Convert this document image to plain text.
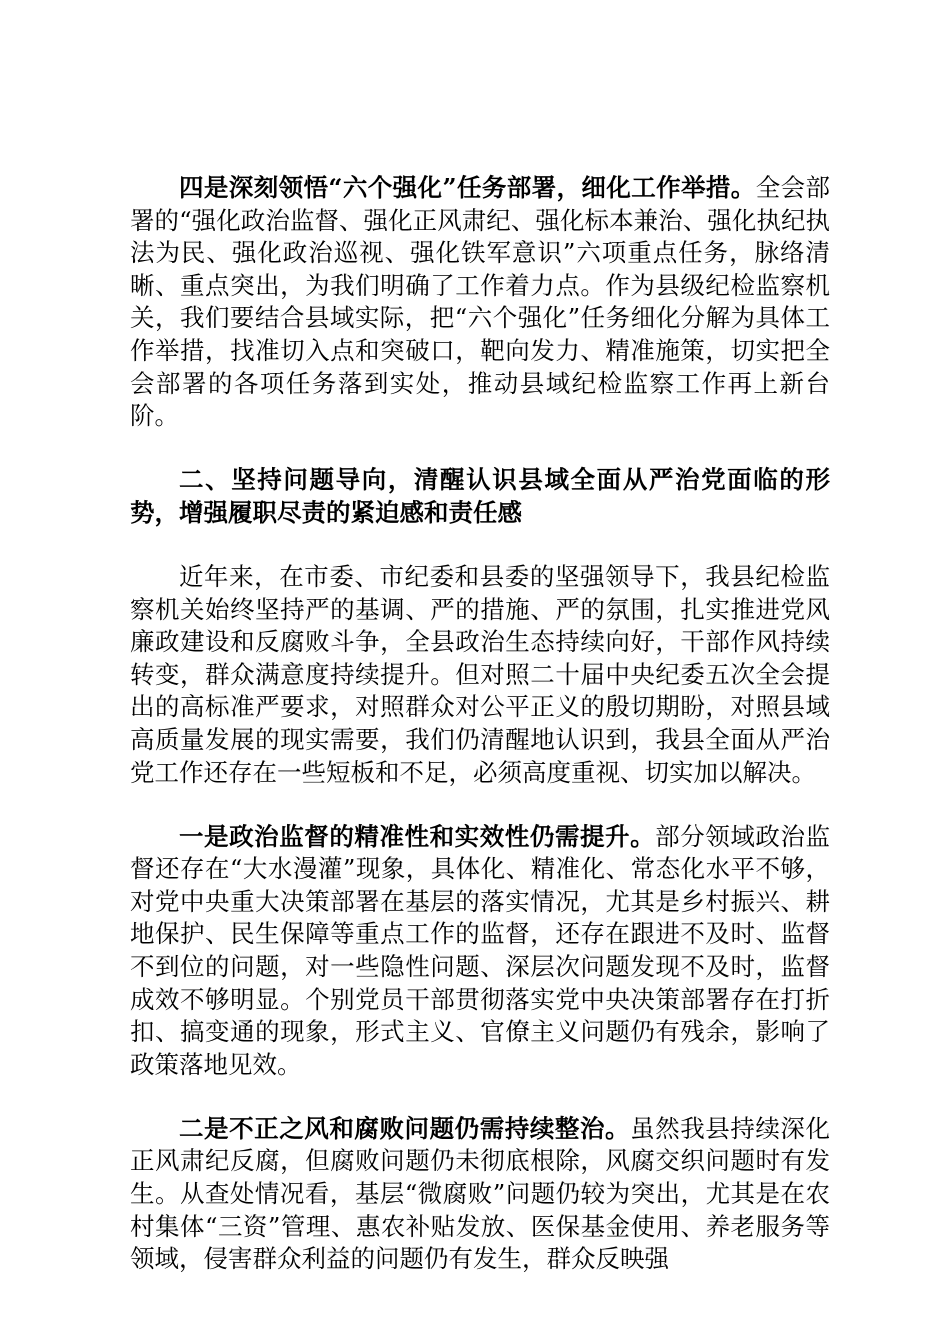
四是深刻领悟“六个强化”任务部署，细化工作举措。全会部署的“强化政治监督、强化正风肃纪、强化标本兼治、强化执纪执法为民、强化政治巡视、强化铁军意识”六项重点任务，脉络清晰、重点突出，为我们明确了工作着力点。作为县级纪检监察机关，我们要结合县域实际，把“六个强化”任务细化分解为具体工作举措，找准切入点和突破口，靶向发力、精准施策，切实把全会部署的各项任务落到实处，推动县域纪检监察工作再上新台阶。

二、坚持问题导向，清醒认识县域全面从严治党面临的形势，增强履职尽责的紧迫感和责任感

近年来，在市委、市纪委和县委的坚强领导下，我县纪检监察机关始终坚持严的基调、严的措施、严的氛围，扎实推进党风廉政建设和反腐败斗争，全县政治生态持续向好，干部作风持续转变，群众满意度持续提升。但对照二十届中央纪委五次全会提出的高标准严要求，对照群众对公平正义的殷切期盼，对照县域高质量发展的现实需要，我们仍清醒地认识到，我县全面从严治党工作还存在一些短板和不足，必须高度重视、切实加以解决。

一是政治监督的精准性和实效性仍需提升。部分领域政治监督还存在“大水漫灌”现象，具体化、精准化、常态化水平不够，对党中央重大决策部署在基层的落实情况，尤其是乡村振兴、耕地保护、民生保障等重点工作的监督，还存在跟进不及时、监督不到位的问题，对一些隐性问题、深层次问题发现不及时，监督成效不够明显。个别党员干部贯彻落实党中央决策部署存在打折扣、搞变通的现象，形式主义、官僚主义问题仍有残余，影响了政策落地见效。

二是不正之风和腐败问题仍需持续整治。虽然我县持续深化正风肃纪反腐，但腐败问题仍未彻底根除，风腐交织问题时有发生。从查处情况看，基层“微腐败”问题仍较为突出，尤其是在农村集体“三资”管理、惠农补贴发放、医保基金使用、养老服务等领域，侵害群众利益的问题仍有发生，群众反映强
